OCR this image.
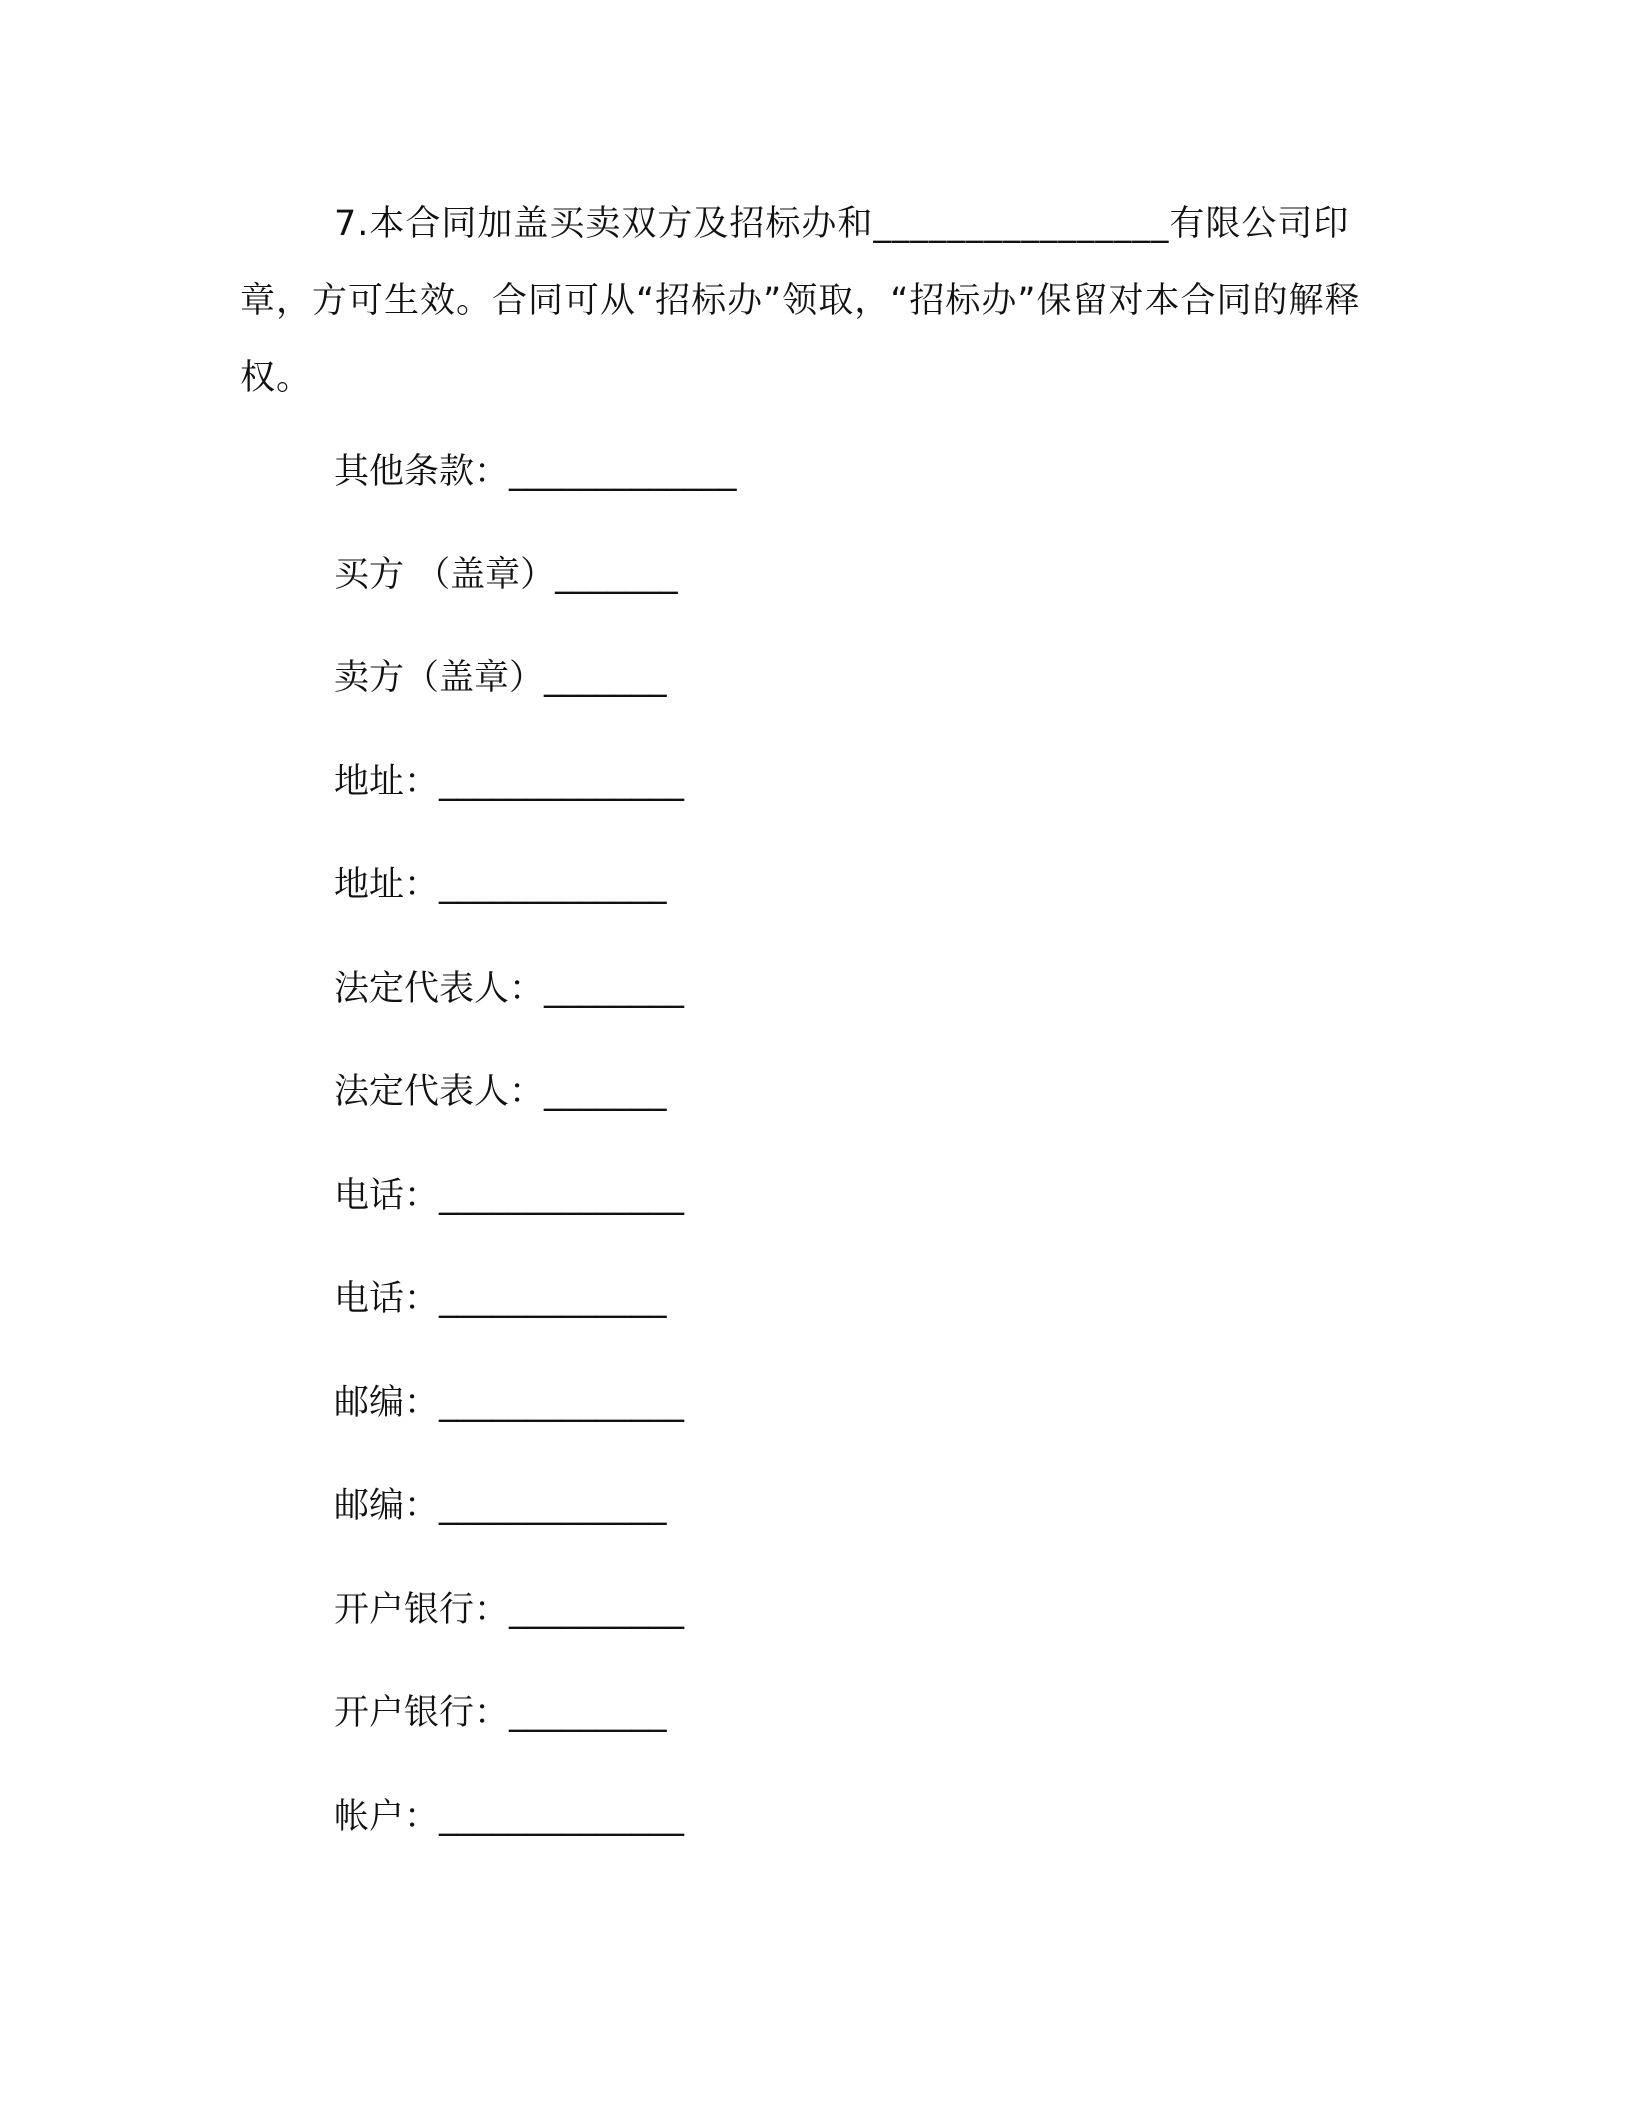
7.本合同加盖买卖双方及招标办和________________有限公司印章，方可生效。合同可从“招标办”领取，“招标办”保留对本合同的解释权。

其他条款：_____________

买方 （盖章）_______

卖方（盖章）_______

地址：______________

地址：_____________

法定代表人：________

法定代表人：_______

电话：______________

电话：_____________

邮编：______________

邮编：_____________

开户银行：__________

开户银行：_________

帐户：______________
